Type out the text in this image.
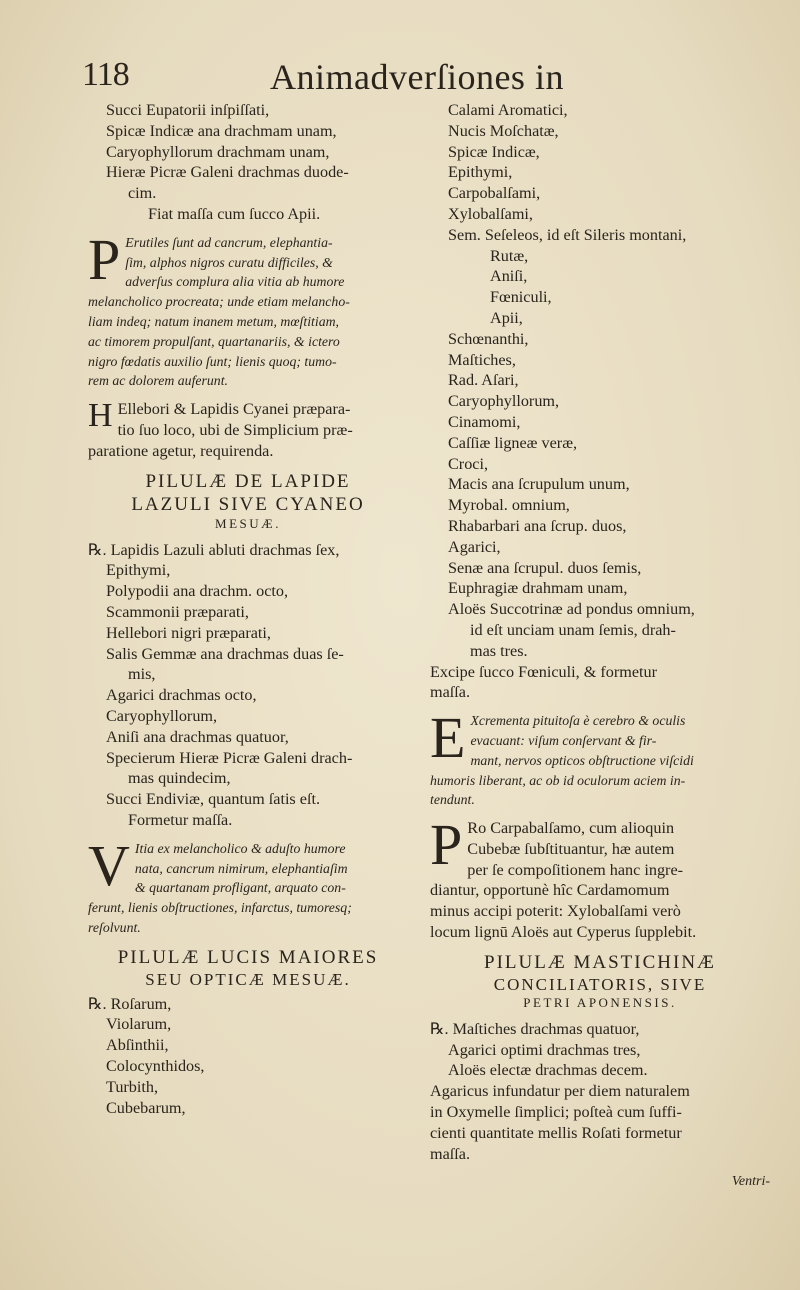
118	Animadverſiones in
Succi Eupatorii inſpiſſati,
Spicæ Indicæ ana drachmam unam,
Caryophyllorum drachmam unam,
Hieræ Picræ Galeni drachmas duode-
cim.
Fiat maſſa cum ſucco Apii.
P Erutiles ſunt ad cancrum, elephantia-
ſim, alphos nigros curatu difficiles, &
adverſus complura alia vitia ab humore
melancholico procreata; unde etiam melancho-
liam indeq; natum inanem metum, mœſtitiam,
ac timorem propulſant, quartanariis, & ictero
nigro fœdatis auxilio ſunt; lienis quoq; tumo-
rem ac dolorem auferunt.
H Ellebori & Lapidis Cyanei præpara-
tio ſuo loco, ubi de Simplicium præ-
paratione agetur, requirenda.
PILULÆ DE LAPIDE
LAZULI SIVE CYANEO
MESUÆ.
℞. Lapidis Lazuli abluti drachmas ſex,
Epithymi,
Polypodii ana drachm. octo,
Scammonii præparati,
Hellebori nigri præparati,
Salis Gemmæ ana drachmas duas ſe-
mis,
Agarici drachmas octo,
Caryophyllorum,
Aniſi ana drachmas quatuor,
Specierum Hieræ Picræ Galeni drach-
mas quindecim,
Succi Endiviæ, quantum ſatis eſt.
Formetur maſſa.
V Itia ex melancholico & aduſto humore
nata, cancrum nimirum, elephantiaſim
& quartanam profligant, arquato con-
ferunt, lienis obſtructiones, infarctus, tumoresq;
reſolvunt.
PILULÆ LUCIS MAIORES
SEU OPTICÆ MESUÆ.
℞. Roſarum,
Violarum,
Abſinthii,
Colocynthidos,
Turbith,
Cubebarum,
Calami Aromatici,
Nucis Moſchatæ,
Spicæ Indicæ,
Epithymi,
Carpobalſami,
Xylobalſami,
Sem. Seſeleos, id eſt Sileris montani,
Rutæ,
Aniſi,
Fœniculi,
Apii,
Schœnanthi,
Maſtiches,
Rad. Aſari,
Caryophyllorum,
Cinamomi,
Caſſiæ ligneæ veræ,
Croci,
Macis ana ſcrupulum unum,
Myrobal. omnium,
Rhabarbari ana ſcrup. duos,
Agarici,
Senæ ana ſcrupul. duos ſemis,
Euphragiæ drahmam unam,
Aloës Succotrinæ ad pondus omnium,
id eſt unciam unam ſemis, drah-
mas tres.
Excipe ſucco Fœniculi, & formetur
maſſa.
E Xcrementa pituitoſa è cerebro & oculis
evacuant: viſum conſervant & fir-
mant, nervos opticos obſtructione viſcidi
humoris liberant, ac ob id oculorum aciem in-
tendunt.
P Ro Carpabalſamo, cum alioquin
Cubebæ ſubſtituantur, hæ autem
per ſe compoſitionem hanc ingre-
diantur, opportunè hîc Cardamomum
minus accipi poterit: Xylobalſami verò
locum lignū Aloës aut Cyperus ſupplebit.
PILULÆ MASTICHINÆ
CONCILIATORIS, SIVE
PETRI APONENSIS.
℞. Maſtiches drachmas quatuor,
Agarici optimi drachmas tres,
Aloës electæ drachmas decem.
Agaricus infundatur per diem naturalem
in Oxymelle ſimplici; poſteà cum ſuffi-
cienti quantitate mellis Roſati formetur
maſſa.
Ventri-
